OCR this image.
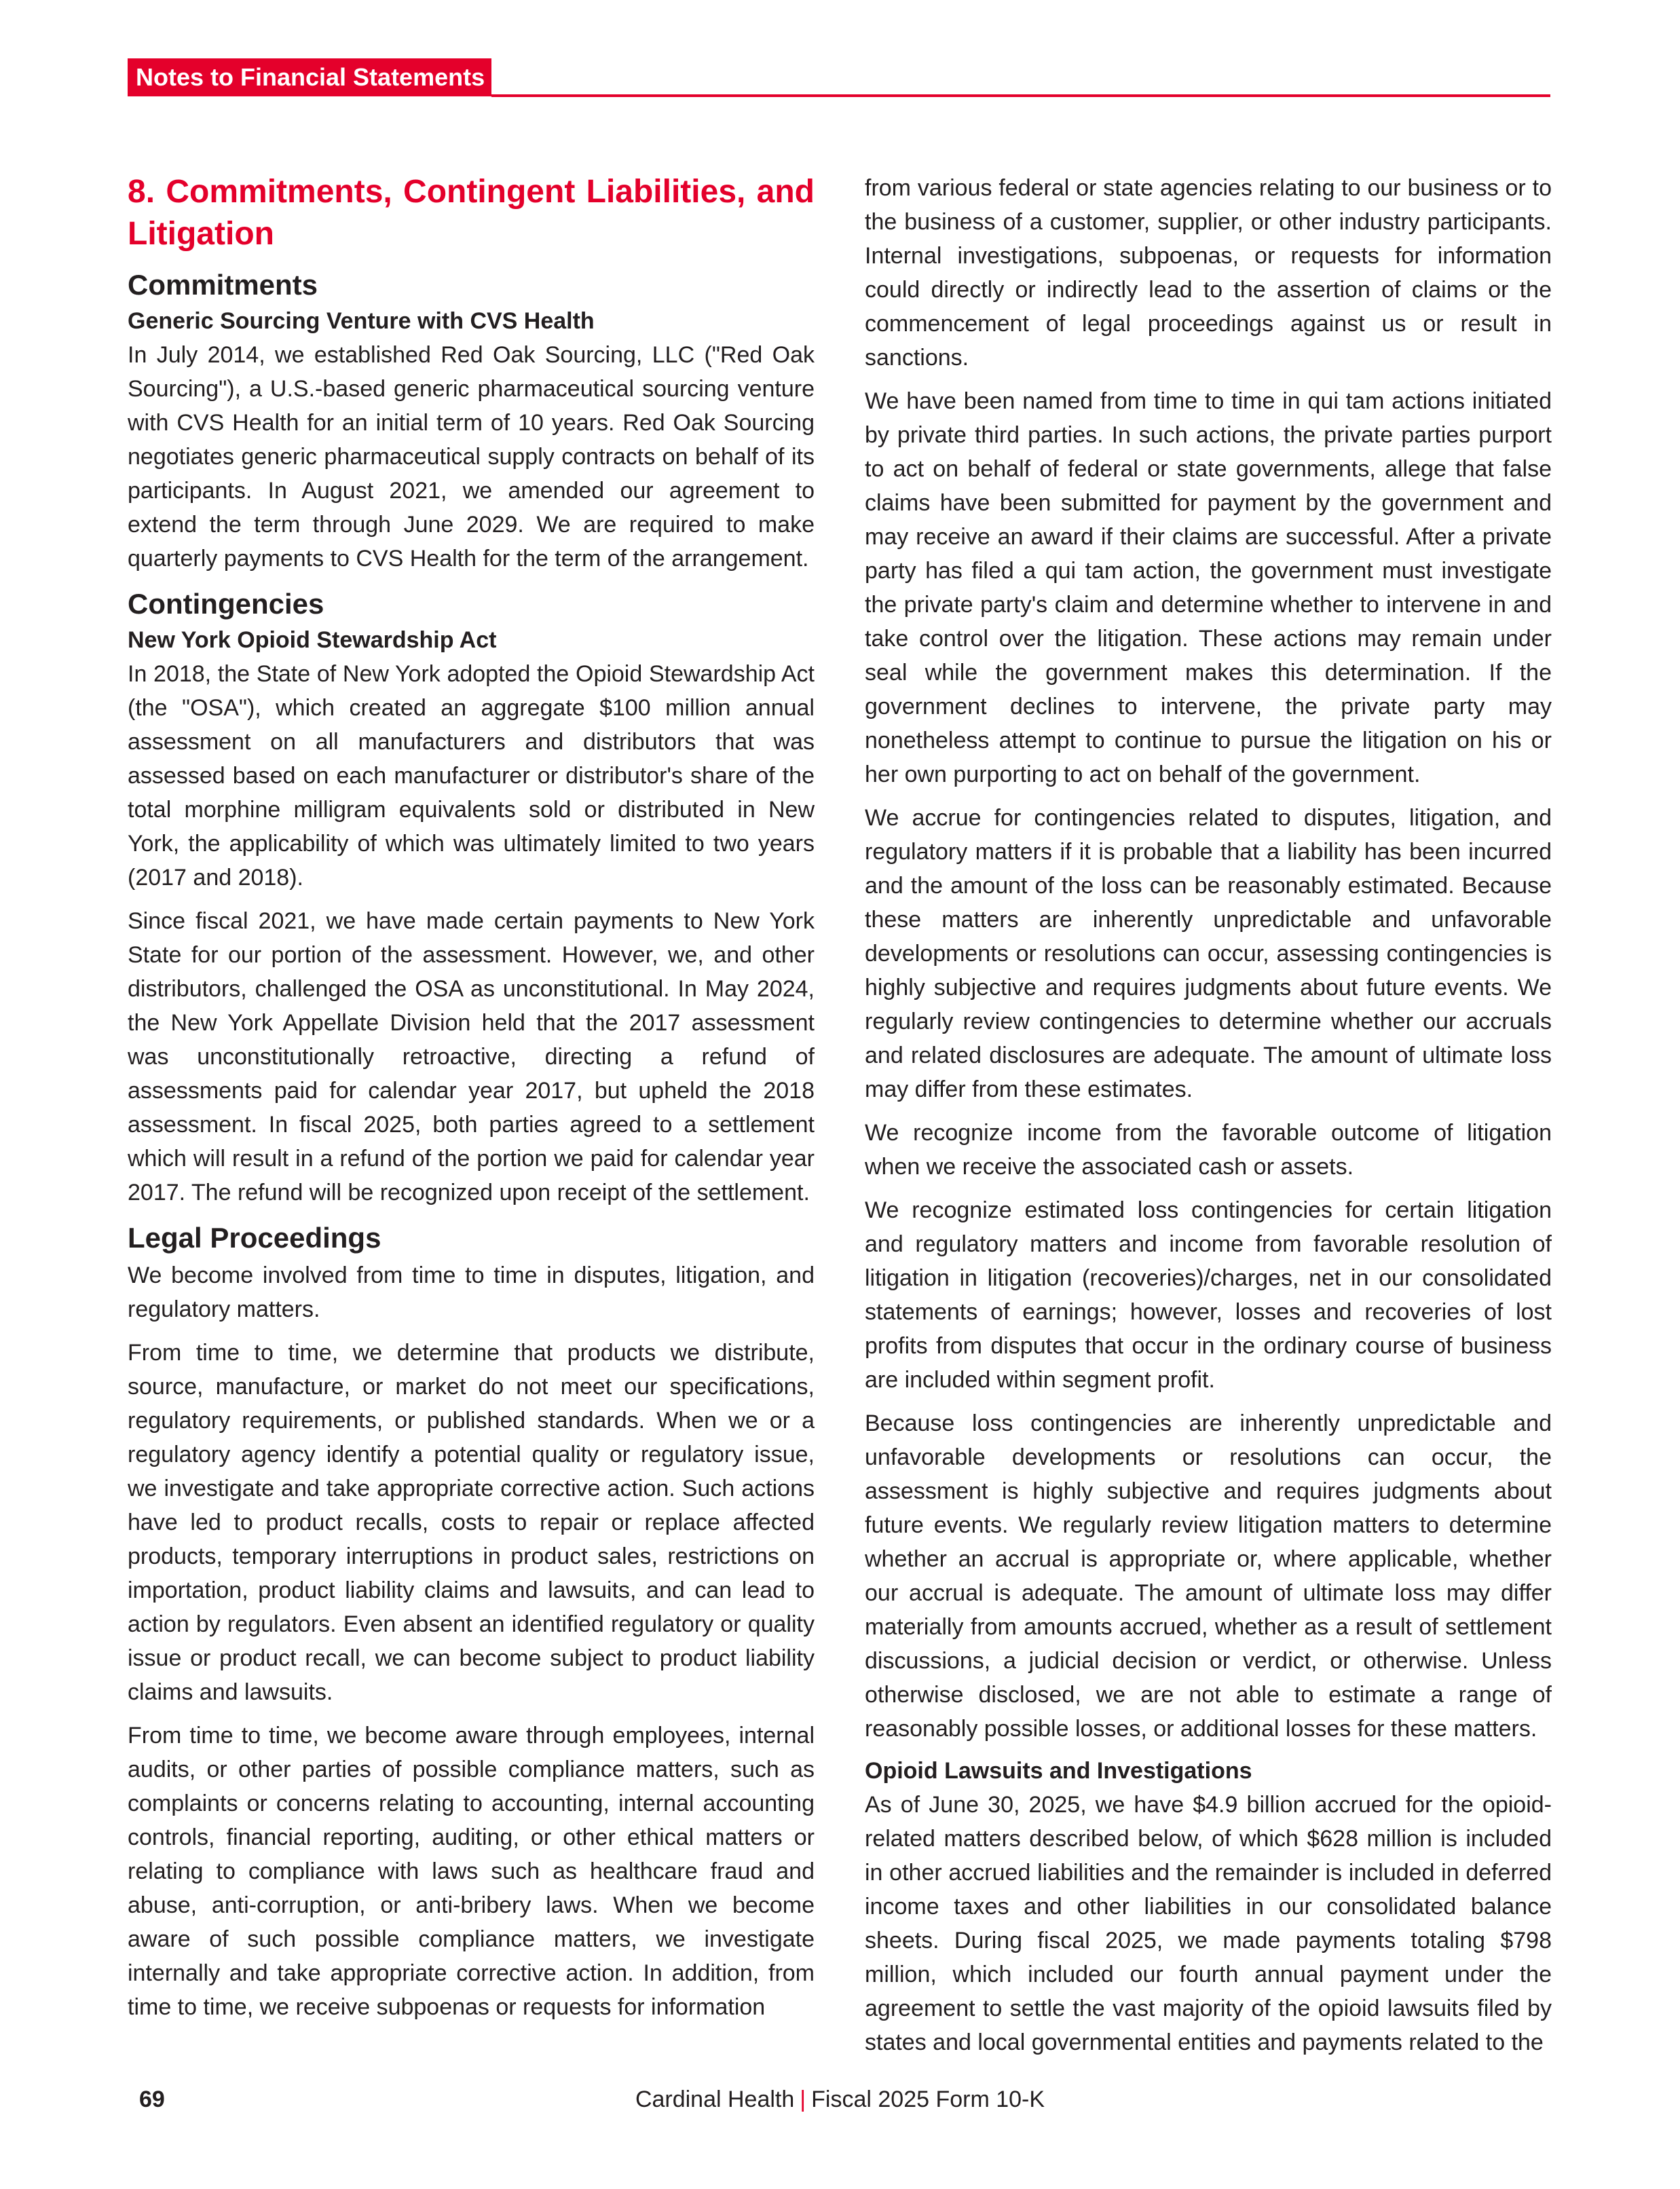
Notes to Financial Statements
8. Commitments, Contingent Liabilities, and Litigation
Commitments
Generic Sourcing Venture with CVS Health

In July 2014, we established Red Oak Sourcing, LLC ("Red Oak Sourcing"), a U.S.-based generic pharmaceutical sourcing venture with CVS Health for an initial term of 10 years. Red Oak Sourcing negotiates generic pharmaceutical supply contracts on behalf of its participants. In August 2021, we amended our agreement to extend the term through June 2029. We are required to make quarterly payments to CVS Health for the term of the arrangement.

Contingencies
New York Opioid Stewardship Act

In 2018, the State of New York adopted the Opioid Stewardship Act (the "OSA"), which created an aggregate $100 million annual assessment on all manufacturers and distributors that was assessed based on each manufacturer or distributor's share of the total morphine milligram equivalents sold or distributed in New York, the applicability of which was ultimately limited to two years (2017 and 2018).

Since fiscal 2021, we have made certain payments to New York State for our portion of the assessment. However, we, and other distributors, challenged the OSA as unconstitutional. In May 2024, the New York Appellate Division held that the 2017 assessment was unconstitutionally retroactive, directing a refund of assessments paid for calendar year 2017, but upheld the 2018 assessment. In fiscal 2025, both parties agreed to a settlement which will result in a refund of the portion we paid for calendar year 2017. The refund will be recognized upon receipt of the settlement.

Legal Proceedings

We become involved from time to time in disputes, litigation, and regulatory matters.

From time to time, we determine that products we distribute, source, manufacture, or market do not meet our specifications, regulatory requirements, or published standards. When we or a regulatory agency identify a potential quality or regulatory issue, we investigate and take appropriate corrective action. Such actions have led to product recalls, costs to repair or replace affected products, temporary interruptions in product sales, restrictions on importation, product liability claims and lawsuits, and can lead to action by regulators. Even absent an identified regulatory or quality issue or product recall, we can become subject to product liability claims and lawsuits.

From time to time, we become aware through employees, internal audits, or other parties of possible compliance matters, such as complaints or concerns relating to accounting, internal accounting controls, financial reporting, auditing, or other ethical matters or relating to compliance with laws such as healthcare fraud and abuse, anti-corruption, or anti-bribery laws. When we become aware of such possible compliance matters, we investigate internally and take appropriate corrective action. In addition, from time to time, we receive subpoenas or requests for information

from various federal or state agencies relating to our business or to the business of a customer, supplier, or other industry participants. Internal investigations, subpoenas, or requests for information could directly or indirectly lead to the assertion of claims or the commencement of legal proceedings against us or result in sanctions.

We have been named from time to time in qui tam actions initiated by private third parties. In such actions, the private parties purport to act on behalf of federal or state governments, allege that false claims have been submitted for payment by the government and may receive an award if their claims are successful. After a private party has filed a qui tam action, the government must investigate the private party's claim and determine whether to intervene in and take control over the litigation. These actions may remain under seal while the government makes this determination. If the government declines to intervene, the private party may nonetheless attempt to continue to pursue the litigation on his or her own purporting to act on behalf of the government.

We accrue for contingencies related to disputes, litigation, and regulatory matters if it is probable that a liability has been incurred and the amount of the loss can be reasonably estimated. Because these matters are inherently unpredictable and unfavorable developments or resolutions can occur, assessing contingencies is highly subjective and requires judgments about future events. We regularly review contingencies to determine whether our accruals and related disclosures are adequate. The amount of ultimate loss may differ from these estimates.

We recognize income from the favorable outcome of litigation when we receive the associated cash or assets.

We recognize estimated loss contingencies for certain litigation and regulatory matters and income from favorable resolution of litigation in litigation (recoveries)/charges, net in our consolidated statements of earnings; however, losses and recoveries of lost profits from disputes that occur in the ordinary course of business are included within segment profit.

Because loss contingencies are inherently unpredictable and unfavorable developments or resolutions can occur, the assessment is highly subjective and requires judgments about future events. We regularly review litigation matters to determine whether an accrual is appropriate or, where applicable, whether our accrual is adequate. The amount of ultimate loss may differ materially from amounts accrued, whether as a result of settlement discussions, a judicial decision or verdict, or otherwise. Unless otherwise disclosed, we are not able to estimate a range of reasonably possible losses, or additional losses for these matters.

Opioid Lawsuits and Investigations

As of June 30, 2025, we have $4.9 billion accrued for the opioid-related matters described below, of which $628 million is included in other accrued liabilities and the remainder is included in deferred income taxes and other liabilities in our consolidated balance sheets. During fiscal 2025, we made payments totaling $798 million, which included our fourth annual payment under the agreement to settle the vast majority of the opioid lawsuits filed by states and local governmental entities and payments related to the

69	Cardinal Health | Fiscal 2025 Form 10-K
